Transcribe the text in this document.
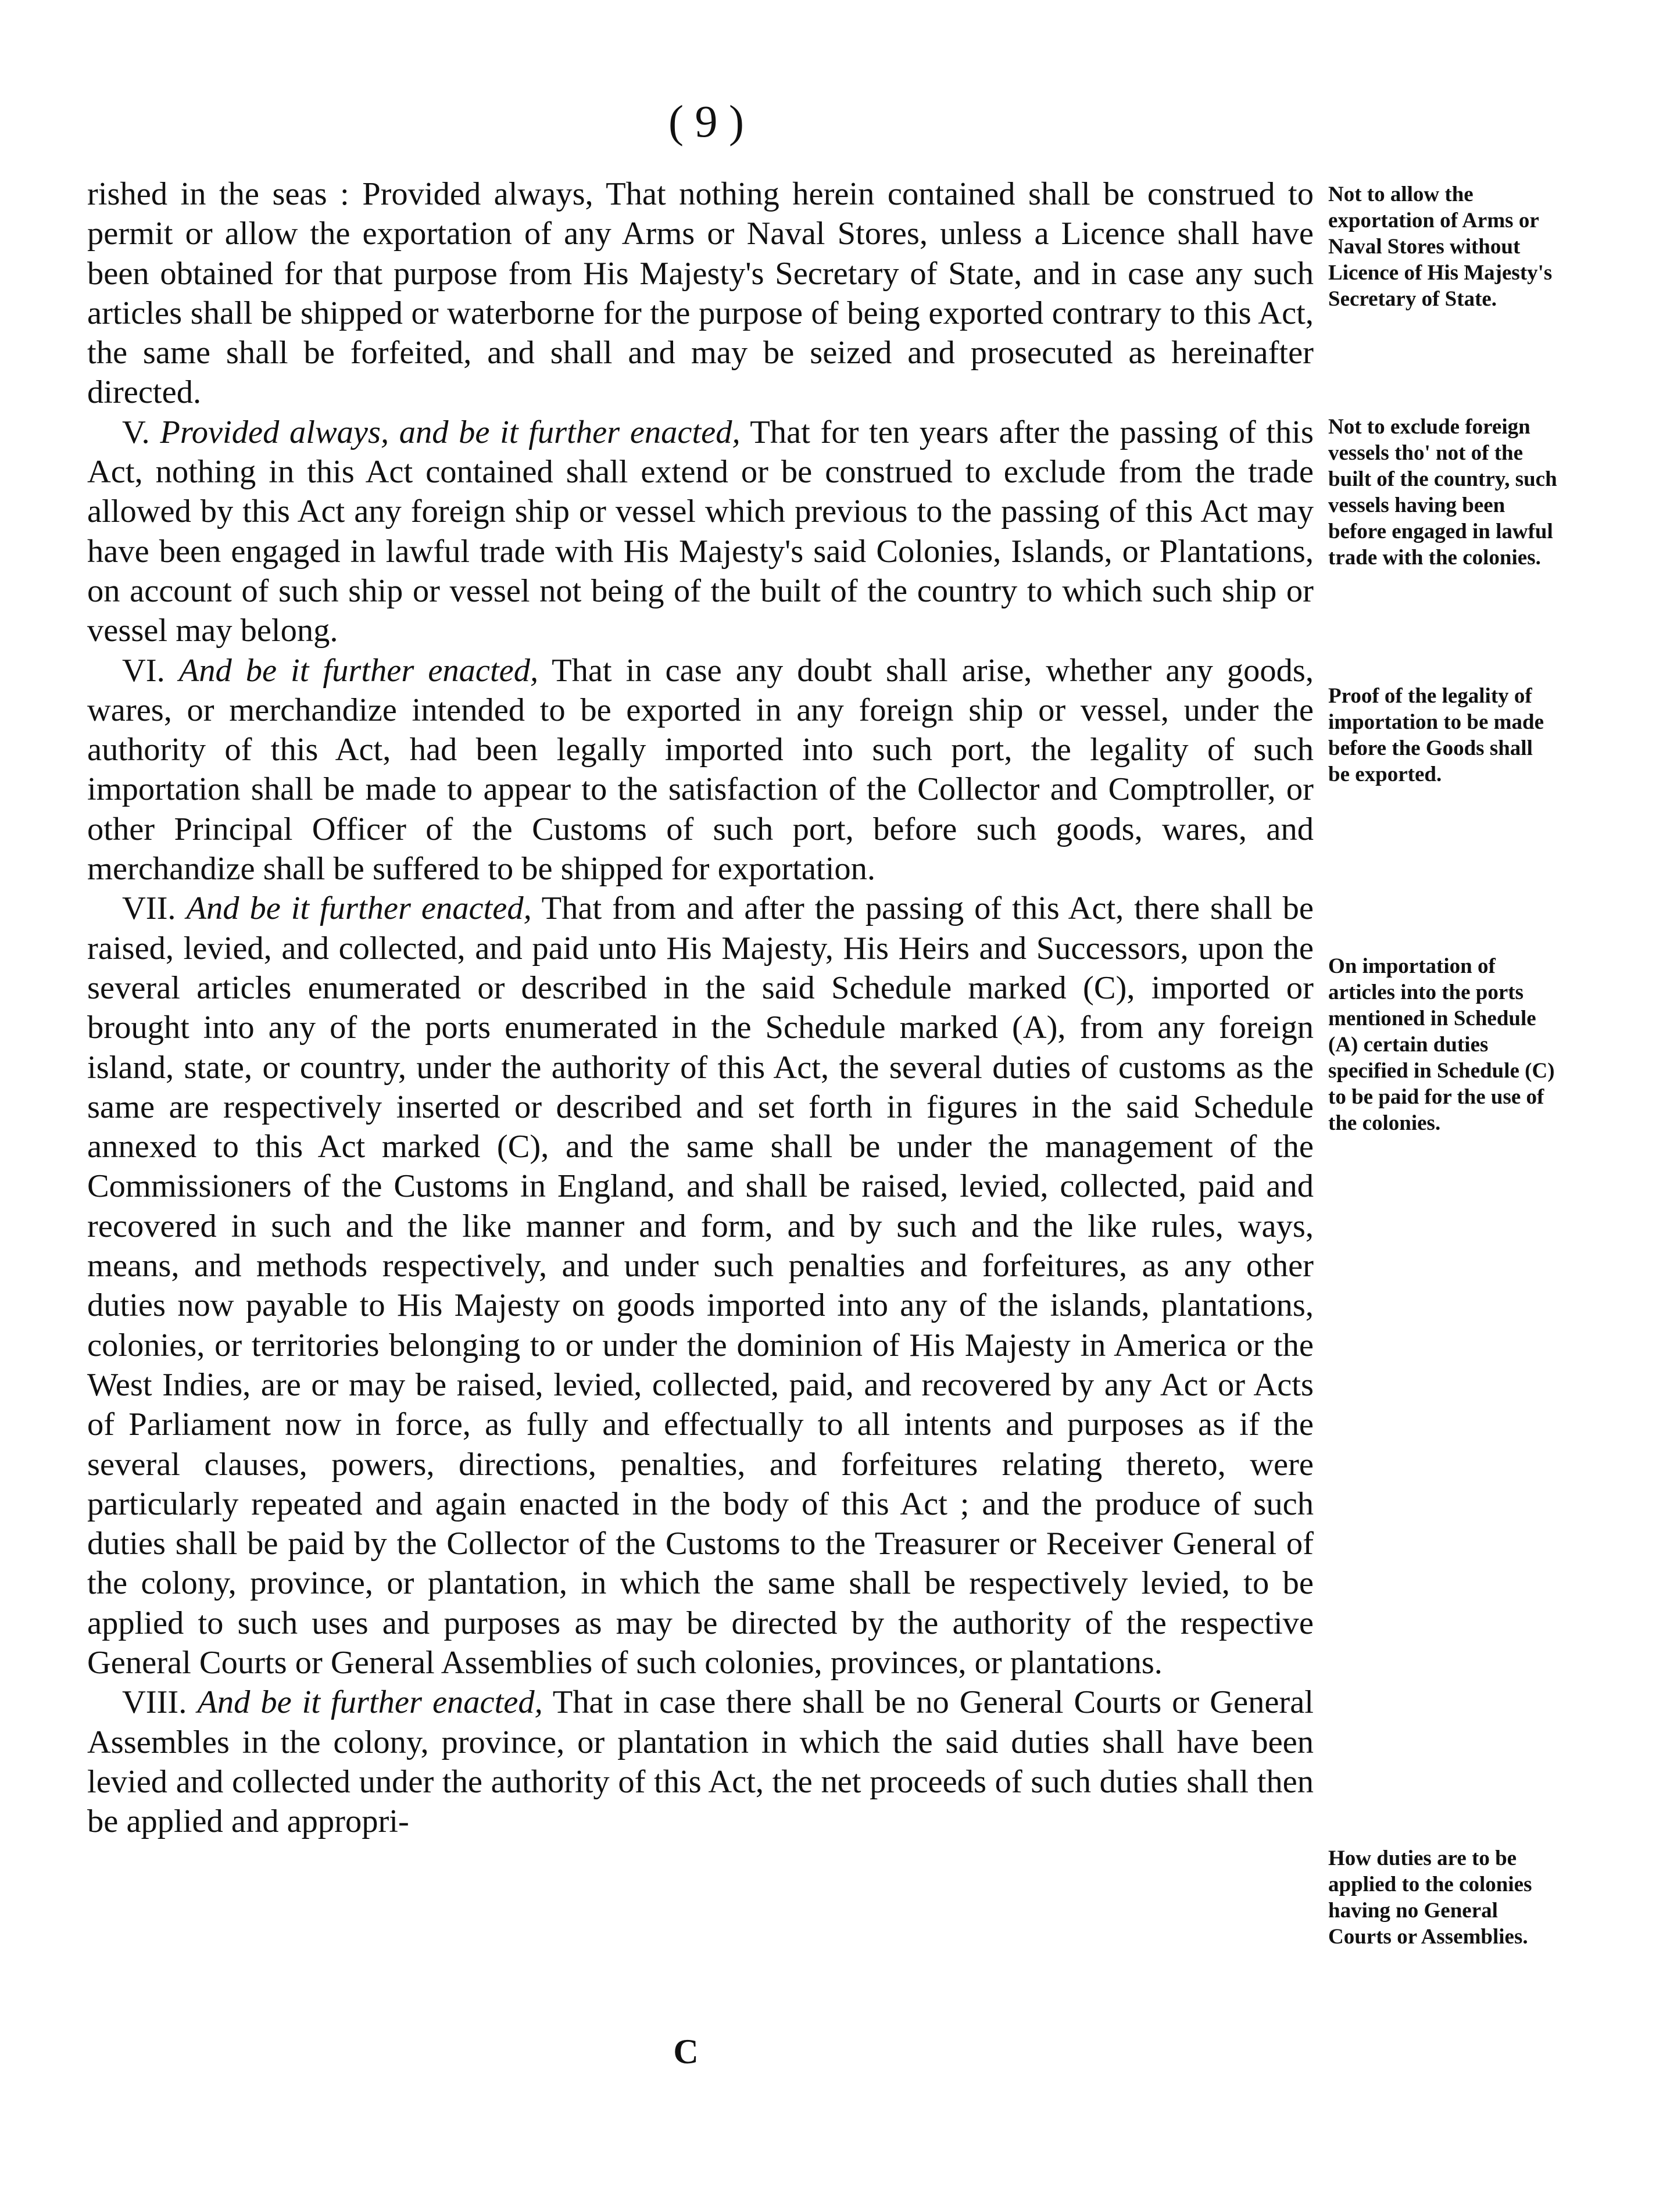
( 9 )

rished in the seas : Provided always, That nothing herein contained shall be construed to permit or allow the exportation of any Arms or Naval Stores, unless a Licence shall have been obtained for that purpose from His Majesty's Secretary of State, and in case any such articles shall be shipped or waterborne for the purpose of being exported contrary to this Act, the same shall be forfeited, and shall and may be seized and prosecuted as hereinafter directed.

V. Provided always, and be it further enacted, That for ten years after the passing of this Act, nothing in this Act contained shall extend or be construed to exclude from the trade allowed by this Act any foreign ship or vessel which previous to the passing of this Act may have been engaged in lawful trade with His Majesty's said Colonies, Islands, or Plantations, on account of such ship or vessel not being of the built of the country to which such ship or vessel may belong.

VI. And be it further enacted, That in case any doubt shall arise, whether any goods, wares, or merchandize intended to be exported in any foreign ship or vessel, under the authority of this Act, had been legally imported into such port, the legality of such importation shall be made to appear to the satisfaction of the Collector and Comptroller, or other Principal Officer of the Customs of such port, before such goods, wares, and merchandize shall be suffered to be shipped for exportation.

VII. And be it further enacted, That from and after the passing of this Act, there shall be raised, levied, and collected, and paid unto His Majesty, His Heirs and Successors, upon the several articles enumerated or described in the said Schedule marked (C), imported or brought into any of the ports enumerated in the Schedule marked (A), from any foreign island, state, or country, under the authority of this Act, the several duties of customs as the same are respectively inserted or described and set forth in figures in the said Schedule annexed to this Act marked (C), and the same shall be under the management of the Commissioners of the Customs in England, and shall be raised, levied, collected, paid and recovered in such and the like manner and form, and by such and the like rules, ways, means, and methods respectively, and under such penalties and forfeitures, as any other duties now payable to His Majesty on goods imported into any of the islands, plantations, colonies, or territories belonging to or under the dominion of His Majesty in America or the West Indies, are or may be raised, levied, collected, paid, and recovered by any Act or Acts of Parliament now in force, as fully and effectually to all intents and purposes as if the several clauses, powers, directions, penalties, and forfeitures relating thereto, were particularly repeated and again enacted in the body of this Act ; and the produce of such duties shall be paid by the Collector of the Customs to the Treasurer or Receiver General of the colony, province, or plantation, in which the same shall be respectively levied, to be applied to such uses and purposes as may be directed by the authority of the respective General Courts or General Assemblies of such colonies, provinces, or plantations.

VIII. And be it further enacted, That in case there shall be no General Courts or General Assembles in the colony, province, or plantation in which the said duties shall have been levied and collected under the authority of this Act, the net proceeds of such duties shall then be applied and appropri-

Not to allow the exportation of Arms or Naval Stores without Licence of His Majesty's Secretary of State.
Not to exclude foreign vessels tho' not of the built of the country, such vessels having been before engaged in lawful trade with the colonies.
Proof of the legality of importation to be made before the Goods shall be exported.
On importation of articles into the ports mentioned in Schedule (A) certain duties specified in Schedule (C) to be paid for the use of the colonies.
How duties are to be applied to the colonies having no General Courts or Assemblies.
C
